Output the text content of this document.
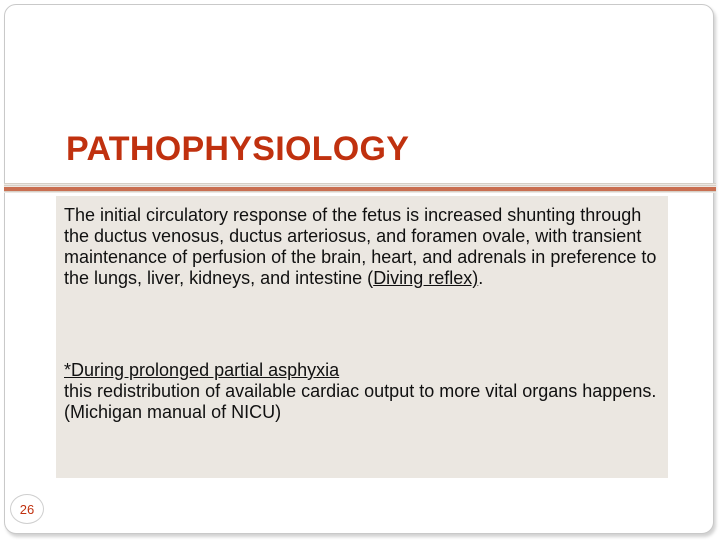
PATHOPHYSIOLOGY
The initial circulatory response of the fetus is increased shunting through the ductus venosus, ductus arteriosus, and foramen ovale, with transient maintenance of perfusion of the brain, heart, and adrenals in preference to the lungs, liver, kidneys, and intestine (Diving reflex).
*During prolonged partial asphyxia
this redistribution of available cardiac output to more vital organs happens.
(Michigan manual of NICU)
26
